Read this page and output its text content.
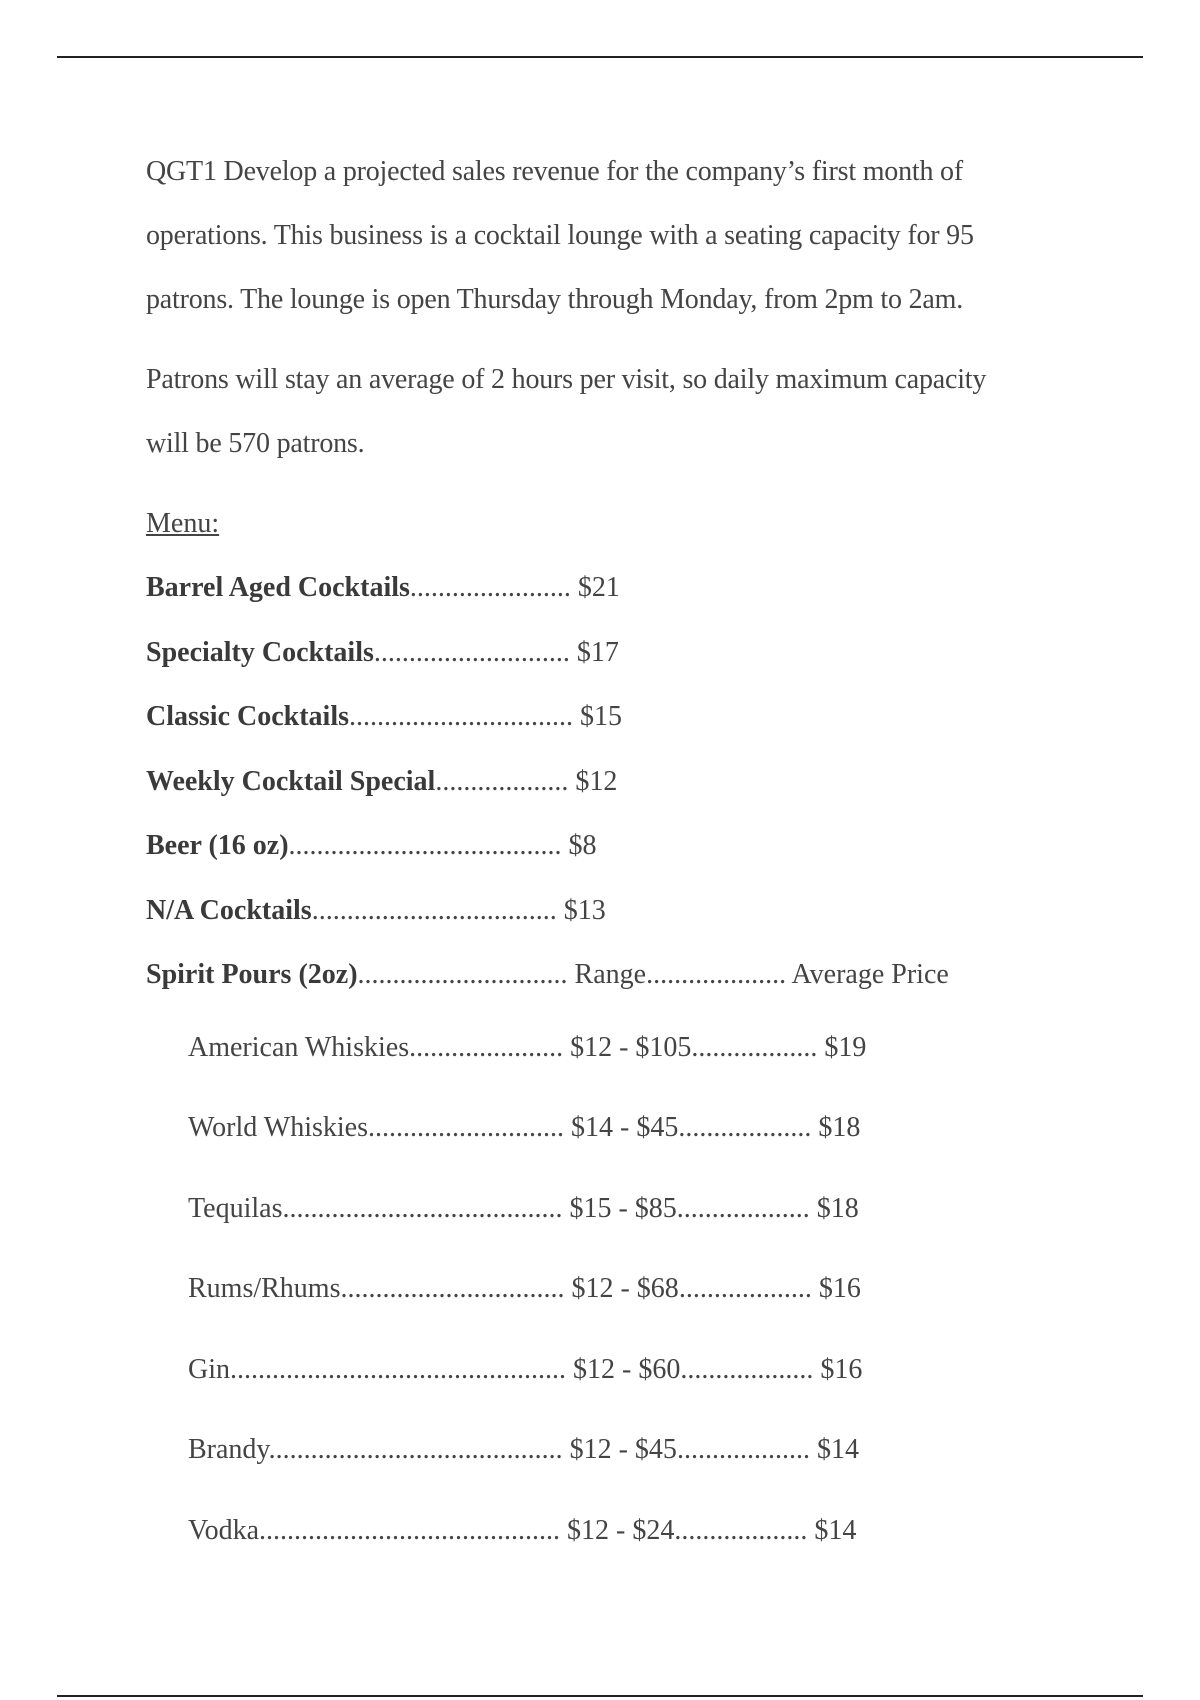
QGT1 Develop a projected sales revenue for the company’s first month of
operations. This business is a cocktail lounge with a seating capacity for 95
patrons. The lounge is open Thursday through Monday, from 2pm to 2am.

Patrons will stay an average of 2 hours per visit, so daily maximum capacity
will be 570 patrons.

Menu:
Barrel Aged Cocktails....................... $21
Specialty Cocktails............................ $17
Classic Cocktails................................ $15
Weekly Cocktail Special................... $12
Beer (16 oz)....................................... $8
N/A Cocktails................................... $13
Spirit Pours (2oz).............................. Range.................... Average Price
American Whiskies...................... $12 - $105.................. $19
World Whiskies............................ $14 - $45................... $18
Tequilas........................................ $15 - $85................... $18
Rums/Rhums................................ $12 - $68................... $16
Gin................................................ $12 - $60................... $16
Brandy.......................................... $12 - $45................... $14
Vodka........................................... $12 - $24................... $14
